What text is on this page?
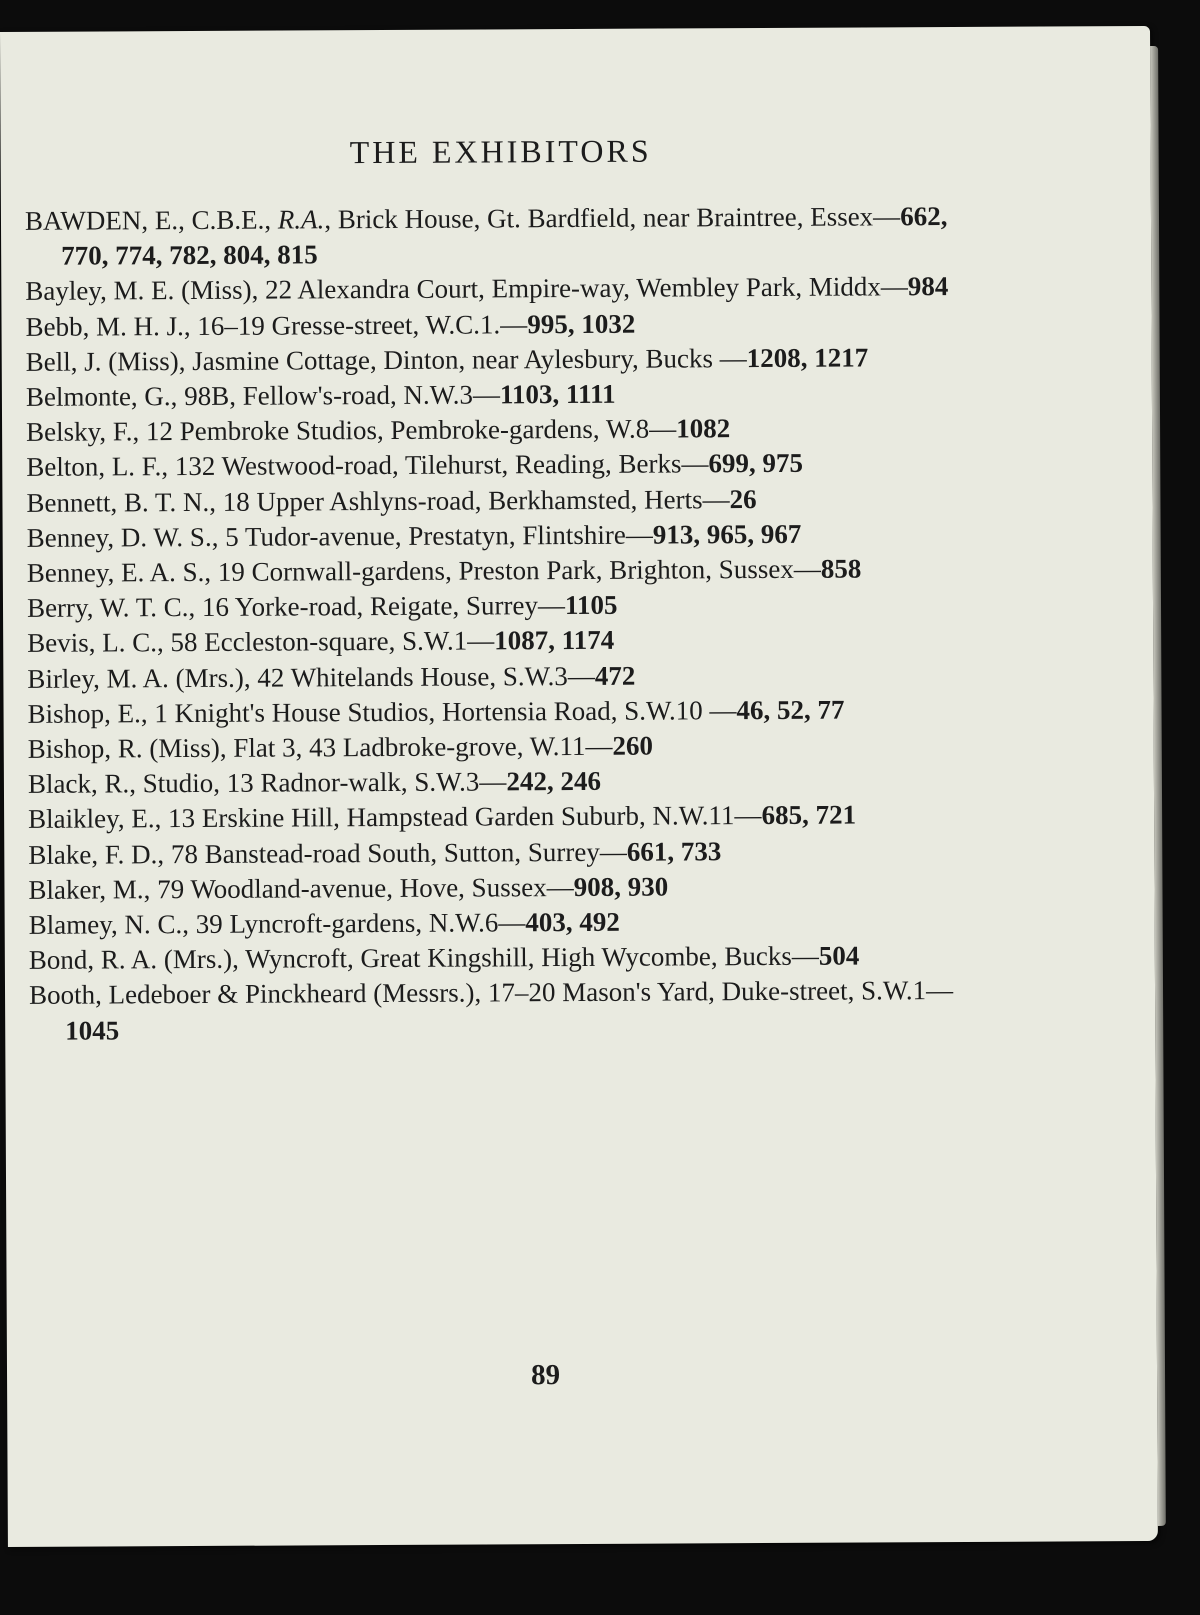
THE EXHIBITORS

BAWDEN, E., C.B.E., R.A., Brick House, Gt. Bardfield, near Braintree, Essex—662, 770, 774, 782, 804, 815

Bayley, M. E. (Miss), 22 Alexandra Court, Empire-way, Wembley Park, Middx—984

Bebb, M. H. J., 16–19 Gresse-street, W.C.1.—995, 1032

Bell, J. (Miss), Jasmine Cottage, Dinton, near Aylesbury, Bucks —1208, 1217

Belmonte, G., 98B, Fellow's-road, N.W.3—1103, 1111

Belsky, F., 12 Pembroke Studios, Pembroke-gardens, W.8—1082

Belton, L. F., 132 Westwood-road, Tilehurst, Reading, Berks—699, 975

Bennett, B. T. N., 18 Upper Ashlyns-road, Berkhamsted, Herts—26

Benney, D. W. S., 5 Tudor-avenue, Prestatyn, Flintshire—913, 965, 967

Benney, E. A. S., 19 Cornwall-gardens, Preston Park, Brighton, Sussex—858

Berry, W. T. C., 16 Yorke-road, Reigate, Surrey—1105

Bevis, L. C., 58 Eccleston-square, S.W.1—1087, 1174

Birley, M. A. (Mrs.), 42 Whitelands House, S.W.3—472

Bishop, E., 1 Knight's House Studios, Hortensia Road, S.W.10 —46, 52, 77

Bishop, R. (Miss), Flat 3, 43 Ladbroke-grove, W.11—260

Black, R., Studio, 13 Radnor-walk, S.W.3—242, 246

Blaikley, E., 13 Erskine Hill, Hampstead Garden Suburb, N.W.11—685, 721

Blake, F. D., 78 Banstead-road South, Sutton, Surrey—661, 733

Blaker, M., 79 Woodland-avenue, Hove, Sussex—908, 930

Blamey, N. C., 39 Lyncroft-gardens, N.W.6—403, 492

Bond, R. A. (Mrs.), Wyncroft, Great Kingshill, High Wycombe, Bucks—504

Booth, Ledeboer & Pinckheard (Messrs.), 17–20 Mason's Yard, Duke-street, S.W.1—1045

89
